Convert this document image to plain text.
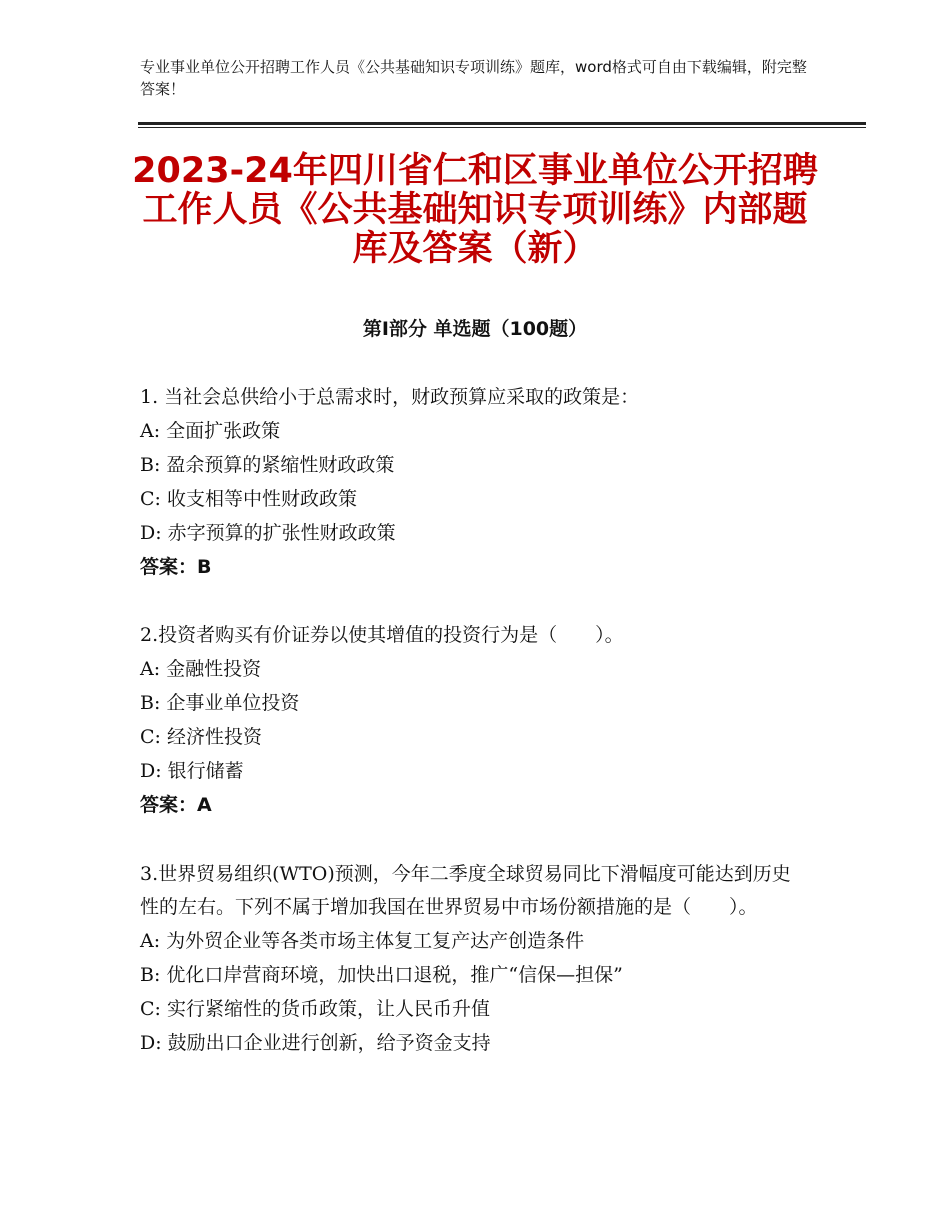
专业事业单位公开招聘工作人员《公共基础知识专项训练》题库，word格式可自由下载编辑，附完整答案！
2023-24年四川省仁和区事业单位公开招聘
工作人员《公共基础知识专项训练》内部题
库及答案（新）
第Ⅰ部分 单选题（100题）
1. 当社会总供给小于总需求时，财政预算应采取的政策是：
A: 全面扩张政策
B: 盈余预算的紧缩性财政政策
C: 收支相等中性财政政策
D: 赤字预算的扩张性财政政策
答案：B
2.投资者购买有价证券以使其增值的投资行为是（　　）。
A: 金融性投资
B: 企事业单位投资
C: 经济性投资
D: 银行储蓄
答案：A
3.世界贸易组织(WTO)预测，今年二季度全球贸易同比下滑幅度可能达到历史性的左右。下列不属于增加我国在世界贸易中市场份额措施的是（　　）。
A: 为外贸企业等各类市场主体复工复产达产创造条件
B: 优化口岸营商环境，加快出口退税，推广“信保—担保”
C: 实行紧缩性的货币政策，让人民币升值
D: 鼓励出口企业进行创新，给予资金支持
